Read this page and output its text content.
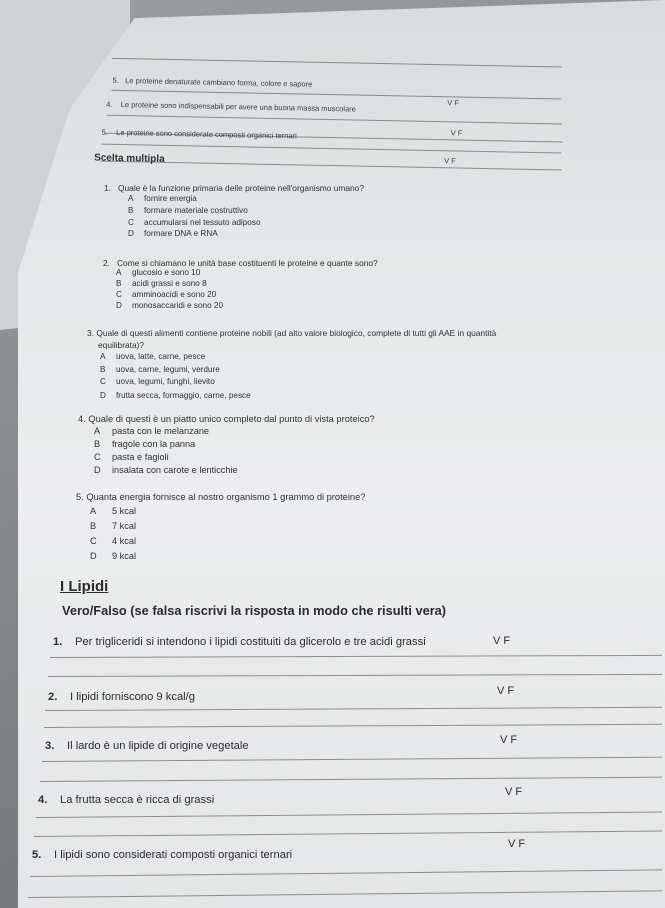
5. Le proteine denaturate cambiano forma, colore e sapore
V F
4. Le proteine sono indispensabili per avere una buona massa muscolare
V F
5. Le proteine sono considerate composti organici ternari
V F
Scelta multipla
1. Quale è la funzione primaria delle proteine nell'organismo umano?
A fornire energia
B formare materiale costruttivo
C accumularsi nel tessuto adiposo
D formare DNA e RNA
2. Come si chiamano le unità base costituenti le proteine e quante sono?
A glucosio e sono 10
B acidi grassi e sono 8
C amminoacidi e sono 20
D monosaccaridi e sono 20
3. Quale di questi alimenti contiene proteine nobili (ad alto valore biologico, complete di tutti gli AAE in quantità
equilibrata)?
A uova, latte, carne, pesce
B uova, carne, legumi, verdure
C uova, legumi, funghi, lievito
D frutta secca, formaggio, carne, pesce
4. Quale di questi è un piatto unico completo dal punto di vista proteico?
A pasta con le melanzane
B fragole con la panna
C pasta e fagioli
D insalata con carote e lenticchie
5. Quanta energia fornisce al nostro organismo 1 grammo di proteine?
A 5 kcal
B 7 kcal
C 4 kcal
D 9 kcal
I Lipidi
Vero/Falso (se falsa riscrivi la risposta in modo che risulti vera)
1. Per trigliceridi si intendono i lipidi costituiti da glicerolo e tre acidi grassi	V F
2. I lipidi forniscono 9 kcal/g	V F
3. Il lardo è un lipide di origine vegetale	V F
4. La frutta secca è ricca di grassi
V F
5. I lipidi sono considerati composti organici ternari
V F
